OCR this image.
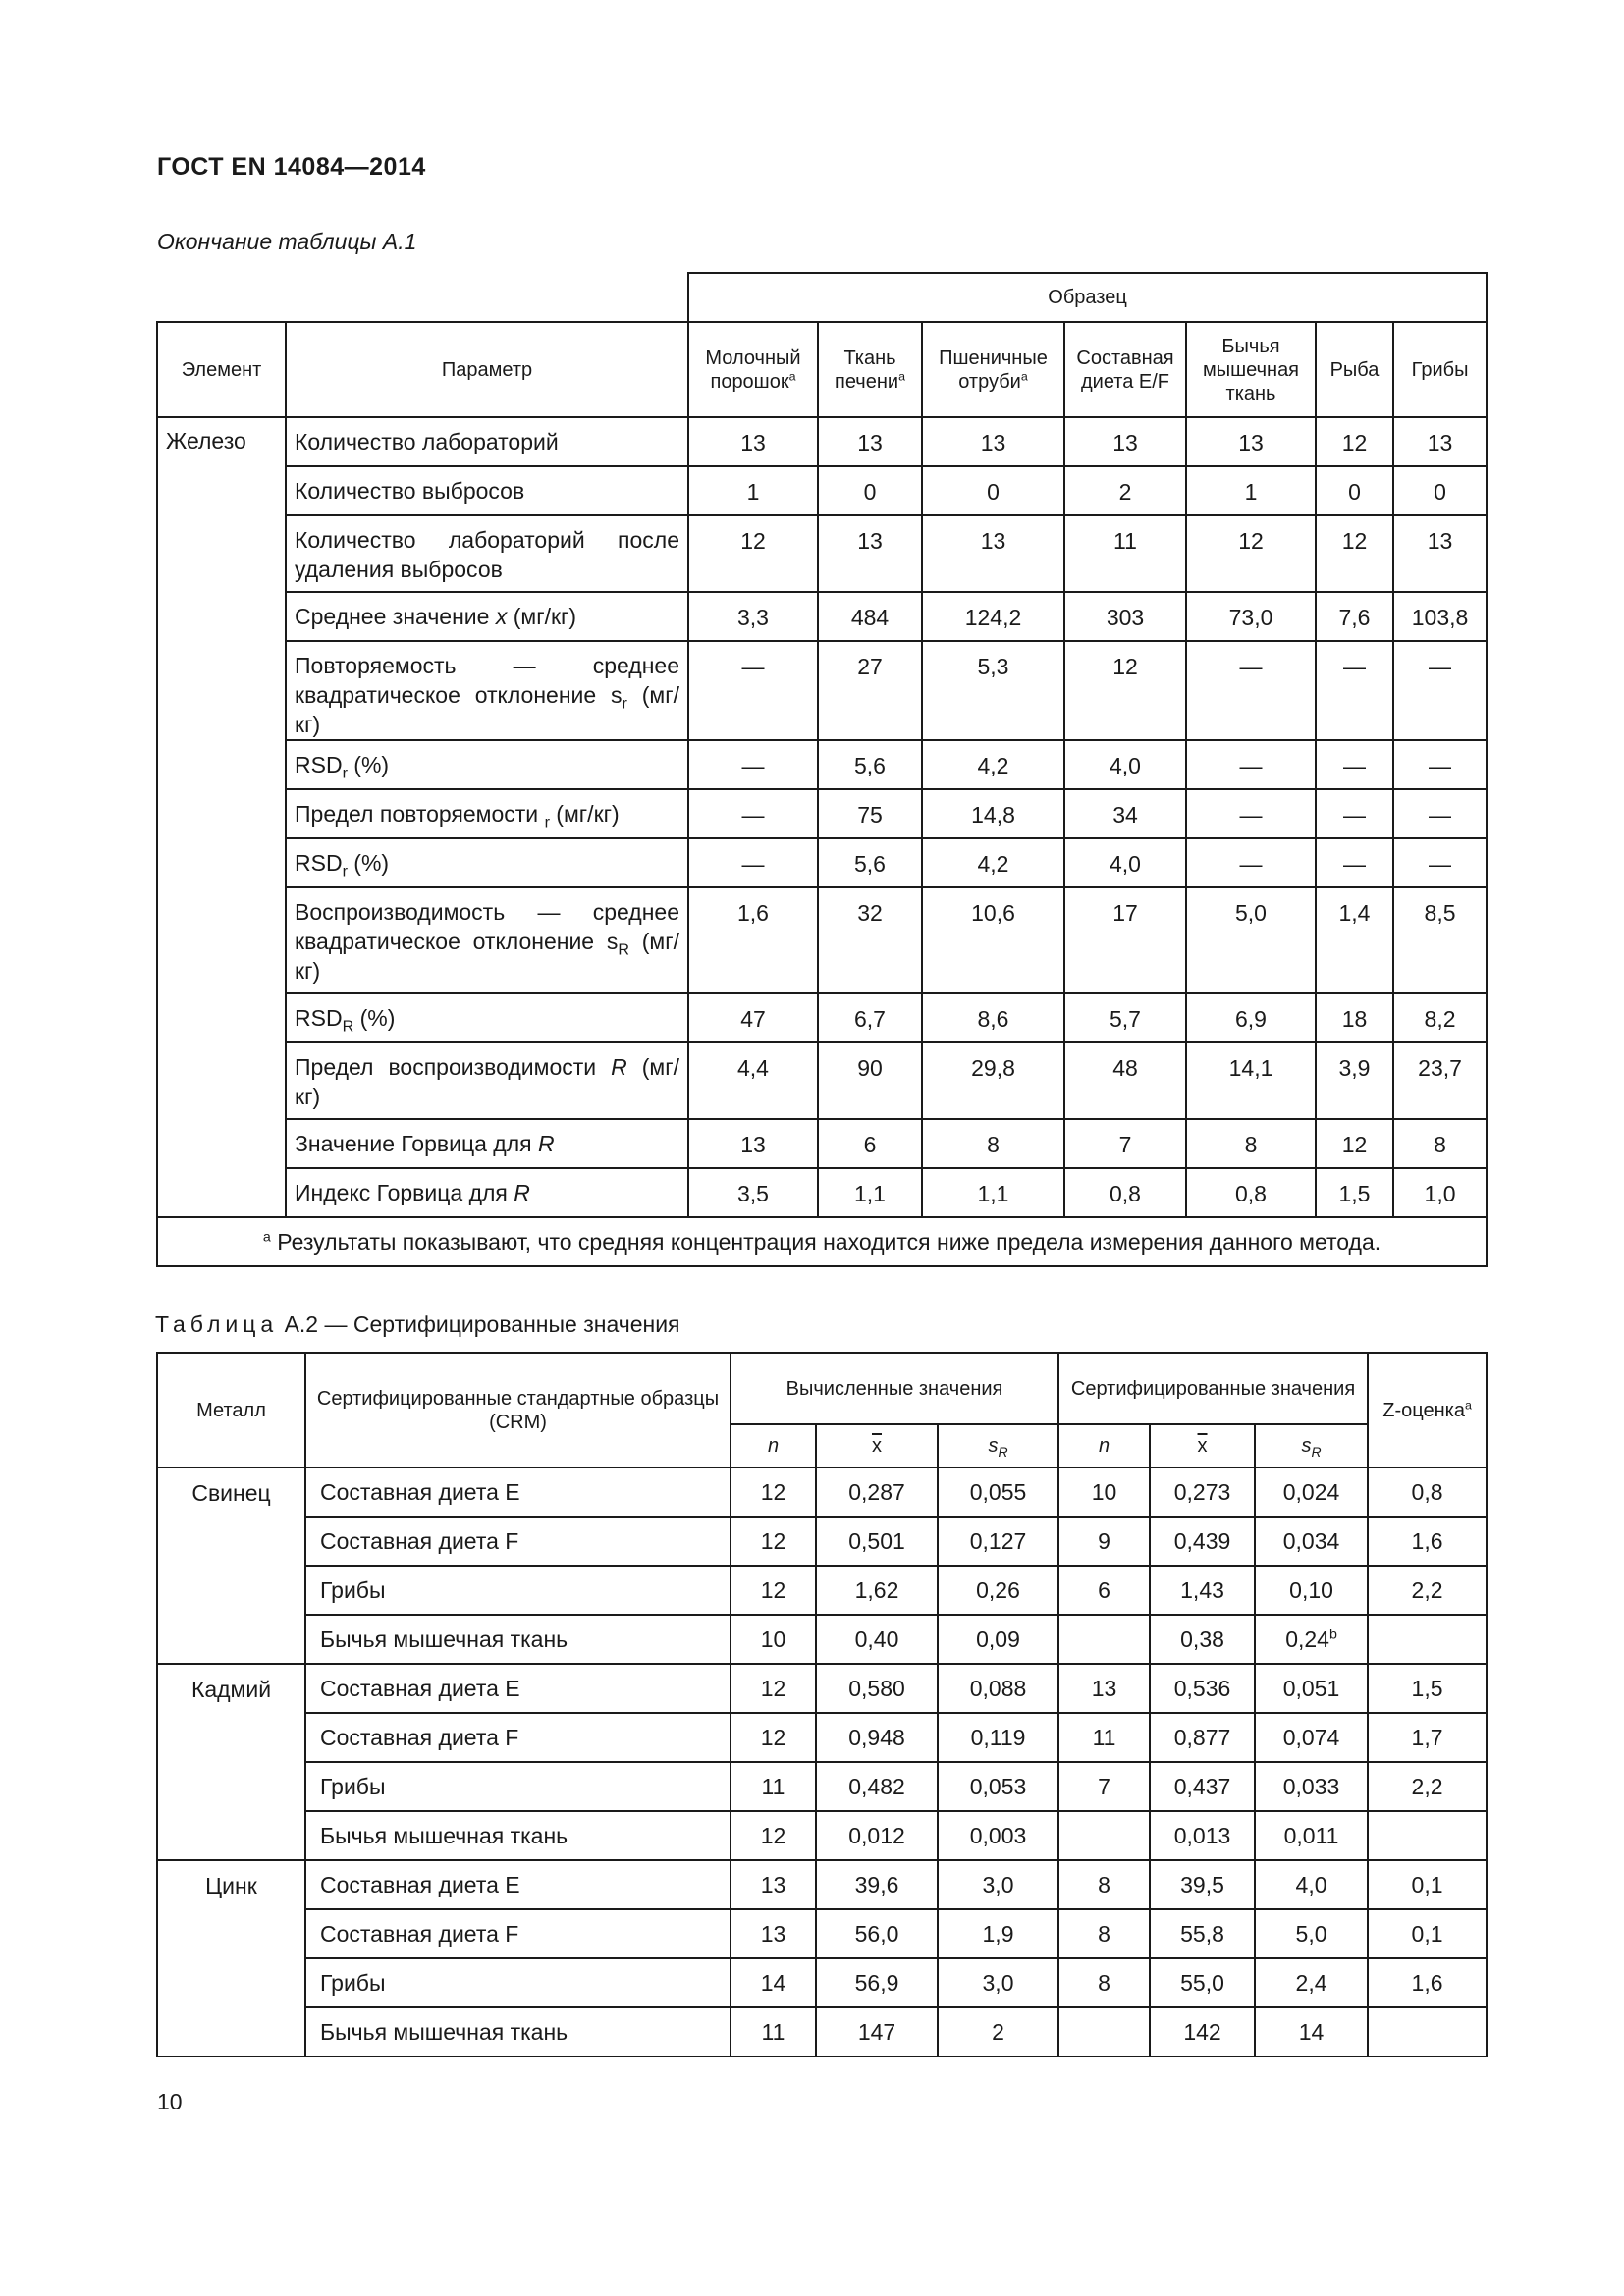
ГОСТ EN 14084—2014
Окончание таблицы А.1
		Образец						
Элемент	Параметр	Молочный порошок$^a$	Ткань печени$^a$	Пшеничные отруби$^a$	Составная диета E/F	Бычья мышечная ткань	Рыба	Грибы
Железо	Количество лабораторий	13	13	13	13	13	12	13
	Количество выбросов	1	0	0	2	1	0	0
	Количество лабораторий после удаления выбросов	12	13	13	11	12	12	13
	Среднее значение x (мг/кг)	3,3	484	124,2	303	73,0	7,6	103,8
	Повторяемость — среднее квадратическое отклонение $s_r$ (мг/кг)	—	27	5,3	12	—	—	—
	$RSD_r$ (%)	—	5,6	4,2	4,0	—	—	—
	Предел повторяемости $_r$ (мг/кг)	—	75	14,8	34	—	—	—
	$RSD_r$ (%)	—	5,6	4,2	4,0	—	—	—
	Воспроизводимость — среднее квадратическое отклонение $s_R$ (мг/кг)	1,6	32	10,6	17	5,0	1,4	8,5
	$RSD_R$ (%)	47	6,7	8,6	5,7	6,9	18	8,2
	Предел воспроизводимости R (мг/кг)	4,4	90	29,8	48	14,1	3,9	23,7
	Значение Горвица для R	13	6	8	7	8	12	8
	Индекс Горвица для R	3,5	1,1	1,1	0,8	0,8	1,5	1,0
$^a$ Результаты показывают, что средняя концентрация находится ниже предела измерения данного метода.								
Таблица А.2 — Сертифицированные значения
Металл	Сертифицированные стандартные образцы (CRM)	Вычисленные значения			Сертифицированные значения			Z-оценка$^a$
		n	$\overline{x}$	$s_R$	n	$\overline{x}$	$s_R$
Свинец	Составная диета E	12	0,287	0,055	10	0,273	0,024	0,8
	Составная диета F	12	0,501	0,127	9	0,439	0,034	1,6
	Грибы	12	1,62	0,26	6	1,43	0,10	2,2
	Бычья мышечная ткань	10	0,40	0,09		0,38	0,24$^b$	
Кадмий	Составная диета E	12	0,580	0,088	13	0,536	0,051	1,5
	Составная диета F	12	0,948	0,119	11	0,877	0,074	1,7
	Грибы	11	0,482	0,053	7	0,437	0,033	2,2
	Бычья мышечная ткань	12	0,012	0,003		0,013	0,011	
Цинк	Составная диета E	13	39,6	3,0	8	39,5	4,0	0,1
	Составная диета F	13	56,0	1,9	8	55,8	5,0	0,1
	Грибы	14	56,9	3,0	8	55,0	2,4	1,6
	Бычья мышечная ткань	11	147	2		142	14	
10
